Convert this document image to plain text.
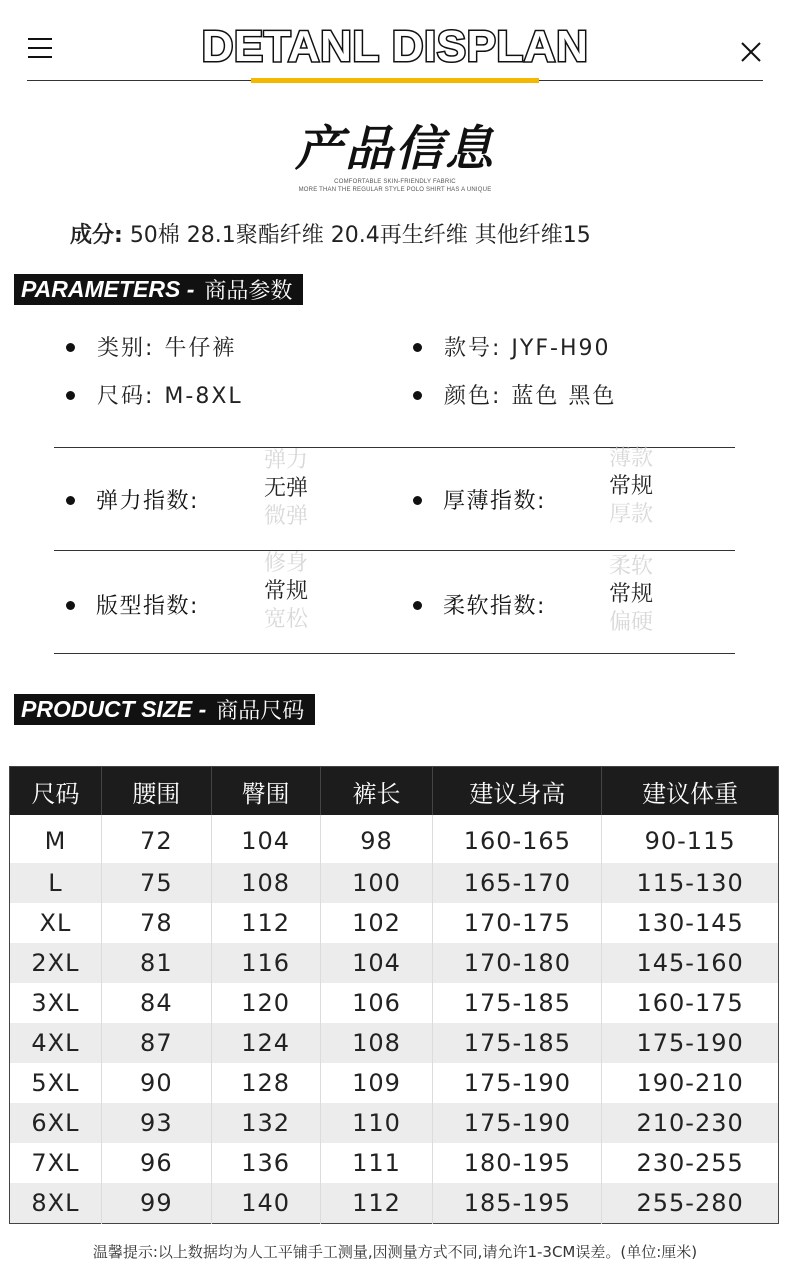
DETANL DISPLAN
产品信息
COMFORTABLE SKIN-FRIENDLY FABRIC
MORE THAN THE REGULAR STYLE POLO SHIRT HAS A UNIQUE
成分: 50棉 28.1聚酯纤维 20.4再生纤维 其他纤维15
PARAMETERS - 商品参数
类别: 牛仔裤	款号: JYF-H90
尺码: M-8XL	颜色: 蓝色 黑色
弹力指数:
弹力
无弹
微弹
厚薄指数:
薄款
常规
厚款
版型指数:
修身
常规
宽松
柔软指数:
柔软
常规
偏硬
PRODUCT SIZE - 商品尺码
尺码	腰围	臀围	裤长	建议身高	建议体重
M	72	104	98	160-165	90-115
L	75	108	100	165-170	115-130
XL	78	112	102	170-175	130-145
2XL	81	116	104	170-180	145-160
3XL	84	120	106	175-185	160-175
4XL	87	124	108	175-185	175-190
5XL	90	128	109	175-190	190-210
6XL	93	132	110	175-190	210-230
7XL	96	136	111	180-195	230-255
8XL	99	140	112	185-195	255-280
温馨提示:以上数据均为人工平铺手工测量,因测量方式不同,请允许1-3CM误差。(单位:厘米)
